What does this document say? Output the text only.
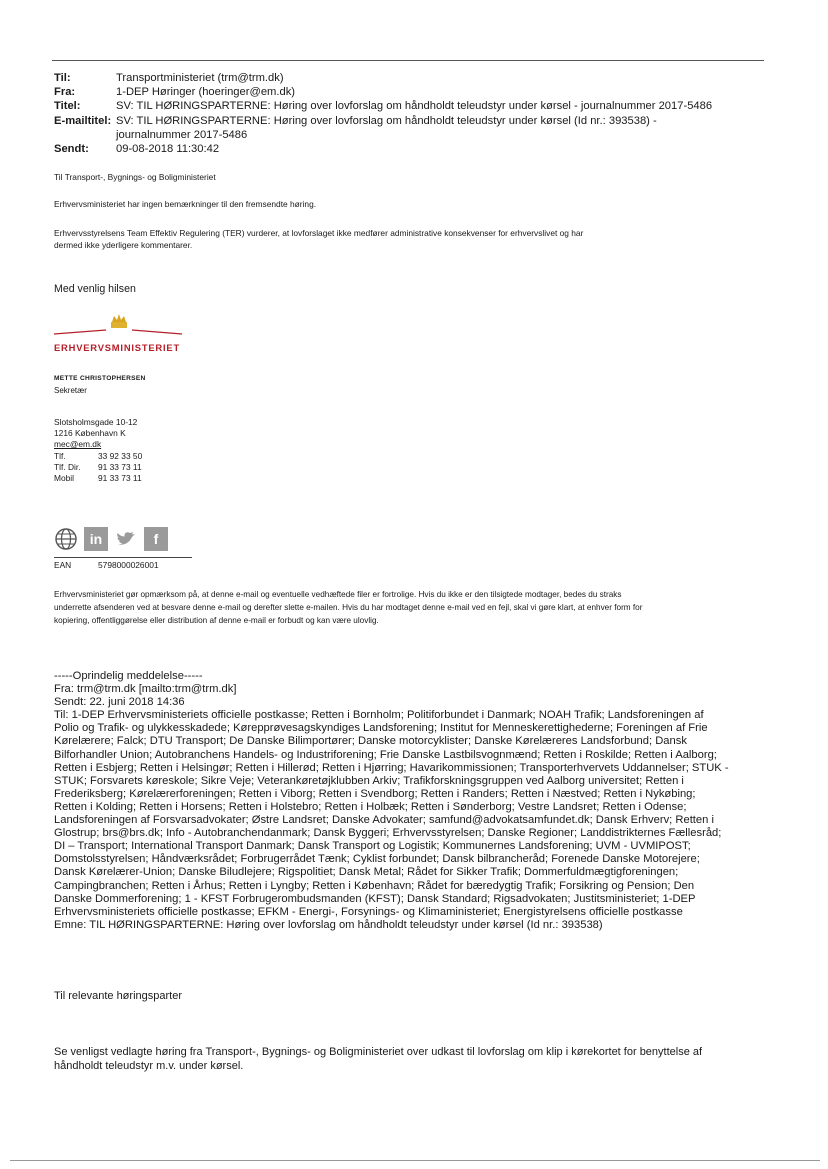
Til:	Transportministeriet (trm@trm.dk)
Fra:	1-DEP Høringer (hoeringer@em.dk)
Titel:	SV: TIL HØRINGSPARTERNE: Høring over lovforslag om håndholdt teleudstyr under kørsel - journalnummer 2017-5486
E-mailtitel: SV: TIL HØRINGSPARTERNE: Høring over lovforslag om håndholdt teleudstyr under kørsel (Id nr.: 393538) -
journalnummer 2017-5486
Sendt:	09-08-2018 11:30:42
Til Transport-, Bygnings- og Boligministeriet
Erhvervsministeriet har ingen bemærkninger til den fremsendte høring.
Erhvervsstyrelsens Team Effektiv Regulering (TER) vurderer, at lovforslaget ikke medfører administrative konsekvenser for erhvervslivet og har
dermed ikke yderligere kommentarer.
Med venlig hilsen
ERHVERVSMINISTERIET
METTE CHRISTOPHERSEN
Sekretær
Slotsholmsgade 10-12
1216 København K
mec@em.dk
Tlf.	33 92 33 50
Tlf. Dir.	91 33 73 11
Mobil	91 33 73 11
in	f
EAN	5798000026001
Erhvervsministeriet gør opmærksom på, at denne e-mail og eventuelle vedhæftede filer er fortrolige. Hvis du ikke er den tilsigtede modtager, bedes du straks
underrette afsenderen ved at besvare denne e-mail og derefter slette e-mailen. Hvis du har modtaget denne e-mail ved en fejl, skal vi gøre klart, at enhver form for
kopiering, offentliggørelse eller distribution af denne e-mail er forbudt og kan være ulovlig.
-----Oprindelig meddelelse-----
Fra: trm@trm.dk [mailto:trm@trm.dk]
Sendt: 22. juni 2018 14:36
Til: 1-DEP Erhvervsministeriets officielle postkasse; Retten i Bornholm; Politiforbundet i Danmark; NOAH Trafik; Landsforeningen af
Polio og Trafik- og ulykkesskadede; Kørepprøvesagskyndiges Landsforening; Institut for Menneskerettighederne; Foreningen af Frie
Kørelærere; Falck; DTU Transport; De Danske Bilimportører; Danske motorcyklister; Danske Kørelæreres Landsforbund; Dansk
Bilforhandler Union; Autobranchens Handels- og Industriforening; Frie Danske Lastbilsvognmænd; Retten i Roskilde; Retten i Aalborg;
Retten i Esbjerg; Retten i Helsingør; Retten i Hillerød; Retten i Hjørring; Havarikommissionen; Transporterhvervets Uddannelser; STUK -
STUK; Forsvarets køreskole; Sikre Veje; Veterankøretøjklubben Arkiv; Trafikforskningsgruppen ved Aalborg universitet; Retten i
Frederiksberg; Kørelærerforeningen; Retten i Viborg; Retten i Svendborg; Retten i Randers; Retten i Næstved; Retten i Nykøbing;
Retten i Kolding; Retten i Horsens; Retten i Holstebro; Retten i Holbæk; Retten i Sønderborg; Vestre Landsret; Retten i Odense;
Landsforeningen af Forsvarsadvokater; Østre Landsret; Danske Advokater; samfund@advokatsamfundet.dk; Dansk Erhverv; Retten i
Glostrup; brs@brs.dk; Info - Autobranchendanmark; Dansk Byggeri; Erhvervsstyrelsen; Danske Regioner; Landdistrikternes Fællesråd;
DI – Transport; International Transport Danmark; Dansk Transport og Logistik; Kommunernes Landsforening; UVM - UVMIPOST;
Domstolsstyrelsen; Håndværksrådet; Forbrugerrådet Tænk; Cyklist forbundet; Dansk bilbrancheråd; Forenede Danske Motorejere;
Dansk Kørelærer-Union; Danske Biludlejere; Rigspolitiet; Dansk Metal; Rådet for Sikker Trafik; Dommerfuldmægtigforeningen;
Campingbranchen; Retten i Århus; Retten i Lyngby; Retten i København; Rådet for bæredygtig Trafik; Forsikring og Pension; Den
Danske Dommerforening; 1 - KFST Forbrugerombudsmanden (KFST); Dansk Standard; Rigsadvokaten; Justitsministeriet; 1-DEP
Erhvervsministeriets officielle postkasse; EFKM - Energi-, Forsynings- og Klimaministeriet; Energistyrelsens officielle postkasse
Emne: TIL HØRINGSPARTERNE: Høring over lovforslag om håndholdt teleudstyr under kørsel (Id nr.: 393538)
Til relevante høringsparter
Se venligst vedlagte høring fra Transport-, Bygnings- og Boligministeriet over udkast til lovforslag om klip i kørekortet for benyttelse af
håndholdt teleudstyr m.v. under kørsel.
